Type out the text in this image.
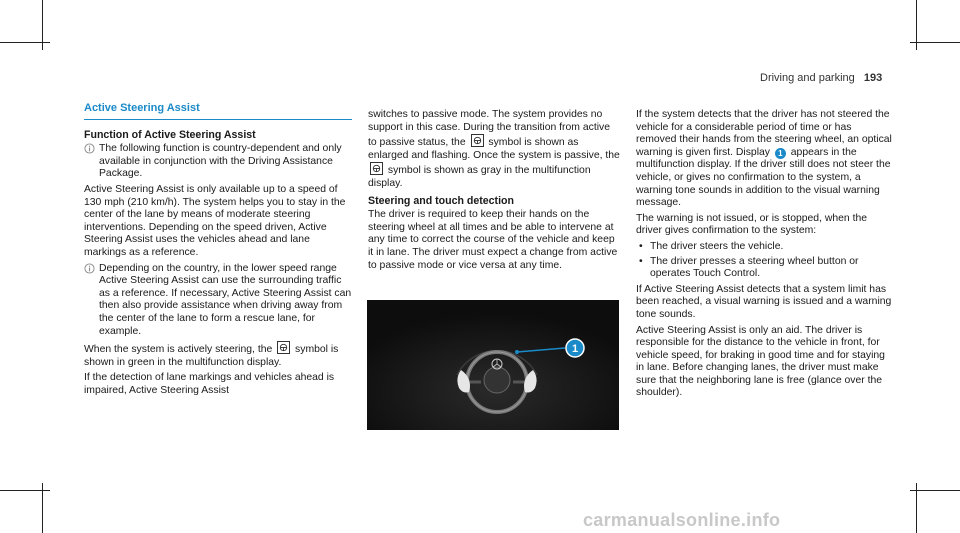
Driving and parking 193
Active Steering Assist
Function of Active Steering Assist
The following function is country-dependent and only available in conjunction with the Driving Assistance Package.

Active Steering Assist is only available up to a speed of 130 mph (210 km/h). The system helps you to stay in the center of the lane by means of moderate steering interventions. Depending on the speed driven, Active Steering Assist uses the vehicles ahead and lane markings as a reference.

Depending on the country, in the lower speed range Active Steering Assist can use the surrounding traffic as a reference. If necessary, Active Steering Assist can then also provide assistance when driving away from the center of the lane to form a rescue lane, for example.

When the system is actively steering, the symbol is shown in green in the multifunction display.

If the detection of lane markings and vehicles ahead is impaired, Active Steering Assist

switches to passive mode. The system provides no support in this case. During the transition from active to passive status, the symbol is shown as enlarged and flashing. Once the system is passive, the  symbol is shown as gray in the multifunction display.

Steering and touch detection

The driver is required to keep their hands on the steering wheel at all times and be able to intervene at any time to correct the course of the vehicle and keep it in lane. The driver must expect a change from active to passive mode or vice versa at any time.

1

If the system detects that the driver has not steered the vehicle for a considerable period of time or has removed their hands from the steering wheel, an optical warning is given first. Display 1 appears in the multifunction display. If the driver still does not steer the vehicle, or gives no confirmation to the system, a warning tone sounds in addition to the visual warning message.

The warning is not issued, or is stopped, when the driver gives confirmation to the system:

• The driver steers the vehicle.
• The driver presses a steering wheel button or operates Touch Control.

If Active Steering Assist detects that a system limit has been reached, a visual warning is issued and a warning tone sounds.

Active Steering Assist is only an aid. The driver is responsible for the distance to the vehicle in front, for vehicle speed, for braking in good time and for staying in lane. Before changing lanes, the driver must make sure that the neighboring lane is free (glance over the shoulder).

carmanualsonline.info
